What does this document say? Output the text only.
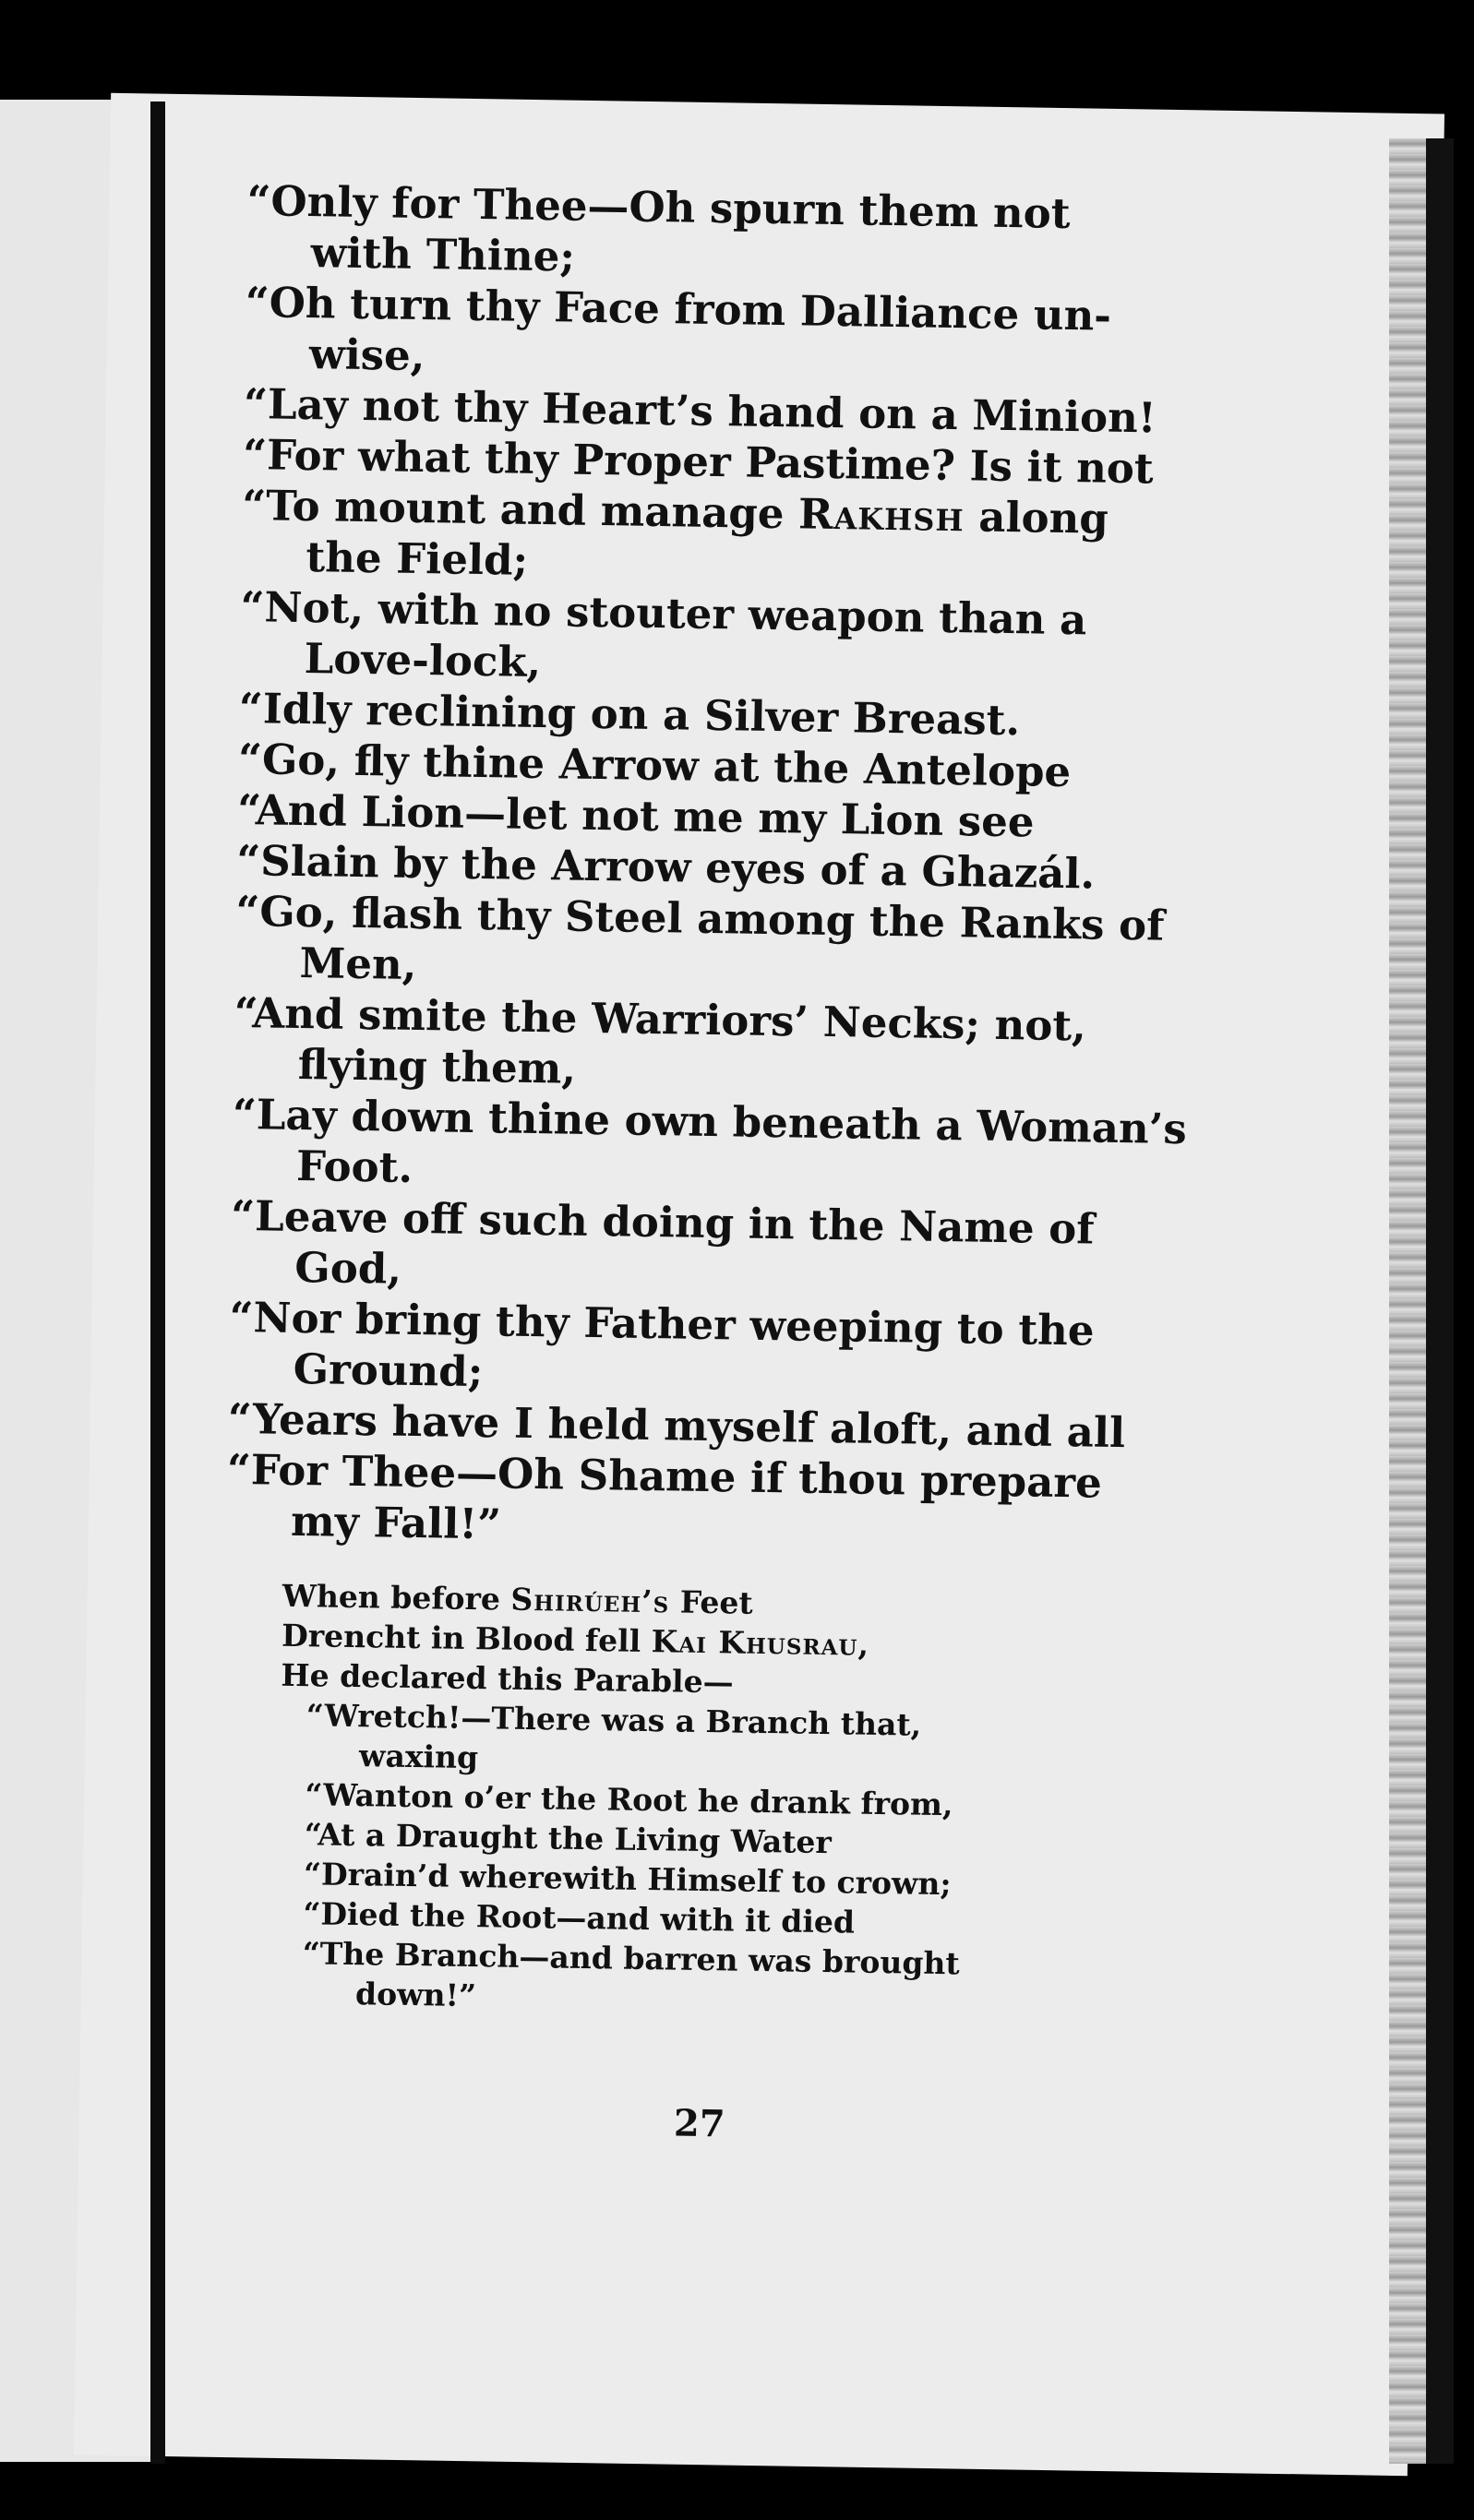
“Only for Thee—Oh spurn them not
with Thine;
“Oh turn thy Face from Dalliance un-
wise,
“Lay not thy Heart’s hand on a Minion!
“For what thy Proper Pastime? Is it not
“To mount and manage Rakhsh along
the Field;
“Not, with no stouter weapon than a
Love-lock,
“Idly reclining on a Silver Breast.
“Go, fly thine Arrow at the Antelope
“And Lion—let not me my Lion see
“Slain by the Arrow eyes of a Ghazál.
“Go, flash thy Steel among the Ranks of
Men,
“And smite the Warriors’ Necks; not,
flying them,
“Lay down thine own beneath a Woman’s
Foot.
“Leave off such doing in the Name of
God,
“Nor bring thy Father weeping to the
Ground;
“Years have I held myself aloft, and all
“For Thee—Oh Shame if thou prepare
my Fall!”
When before Shirúeh’s Feet
Drencht in Blood fell Kai Khusrau,
He declared this Parable—
“Wretch!—There was a Branch that,
waxing
“Wanton o’er the Root he drank from,
“At a Draught the Living Water
“Drain’d wherewith Himself to crown;
“Died the Root—and with it died
“The Branch—and barren was brought
down!”
27
